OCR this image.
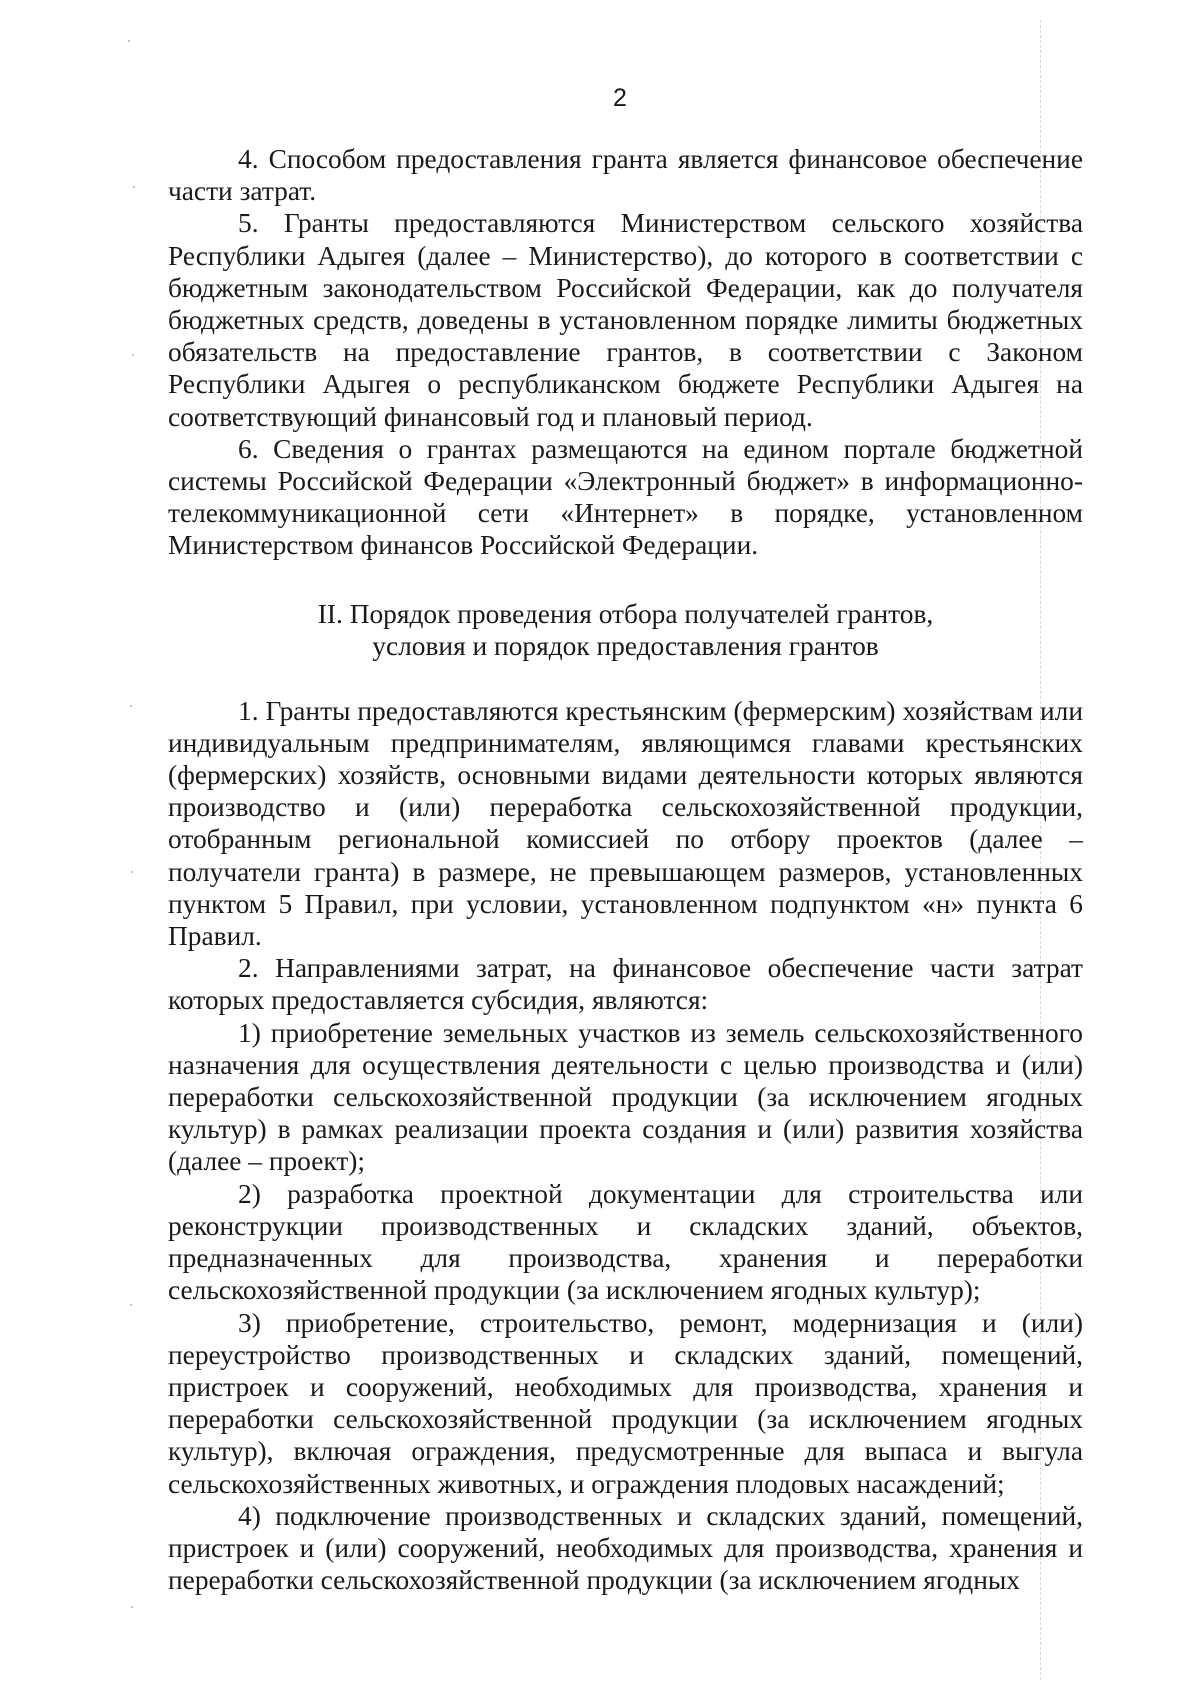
2

4. Способом предоставления гранта является финансовое обеспечение части затрат.

5. Гранты предоставляются Министерством сельского хозяйства Республики Адыгея (далее – Министерство), до которого в соответствии с бюджетным законодательством Российской Федерации, как до получателя бюджетных средств, доведены в установленном порядке лимиты бюджетных обязательств на предоставление грантов, в соответствии с Законом Республики Адыгея о республиканском бюджете Республики Адыгея на соответствующий финансовый год и плановый период.

6. Сведения о грантах размещаются на едином портале бюджетной системы Российской Федерации «Электронный бюджет» в информационно-телекоммуникационной сети «Интернет» в порядке, установленном Министерством финансов Российской Федерации.

II. Порядок проведения отбора получателей грантов,
условия и порядок предоставления грантов

1. Гранты предоставляются крестьянским (фермерским) хозяйствам или индивидуальным предпринимателям, являющимся главами крестьянских (фермерских) хозяйств, основными видами деятельности которых являются производство и (или) переработка сельскохозяйственной продукции, отобранным региональной комиссией по отбору проектов (далее – получатели гранта) в размере, не превышающем размеров, установленных пунктом 5 Правил, при условии, установленном подпунктом «н» пункта 6 Правил.

2. Направлениями затрат, на финансовое обеспечение части затрат которых предоставляется субсидия, являются:

1) приобретение земельных участков из земель сельскохозяйственного назначения для осуществления деятельности с целью производства и (или) переработки сельскохозяйственной продукции (за исключением ягодных культур) в рамках реализации проекта создания и (или) развития хозяйства (далее – проект);

2) разработка проектной документации для строительства или реконструкции производственных и складских зданий, объектов, предназначенных для производства, хранения и переработки сельскохозяйственной продукции (за исключением ягодных культур);

3) приобретение, строительство, ремонт, модернизация и (или) переустройство производственных и складских зданий, помещений, пристроек и сооружений, необходимых для производства, хранения и переработки сельскохозяйственной продукции (за исключением ягодных культур), включая ограждения, предусмотренные для выпаса и выгула сельскохозяйственных животных, и ограждения плодовых насаждений;

4) подключение производственных и складских зданий, помещений, пристроек и (или) сооружений, необходимых для производства, хранения и переработки сельскохозяйственной продукции (за исключением ягодных
